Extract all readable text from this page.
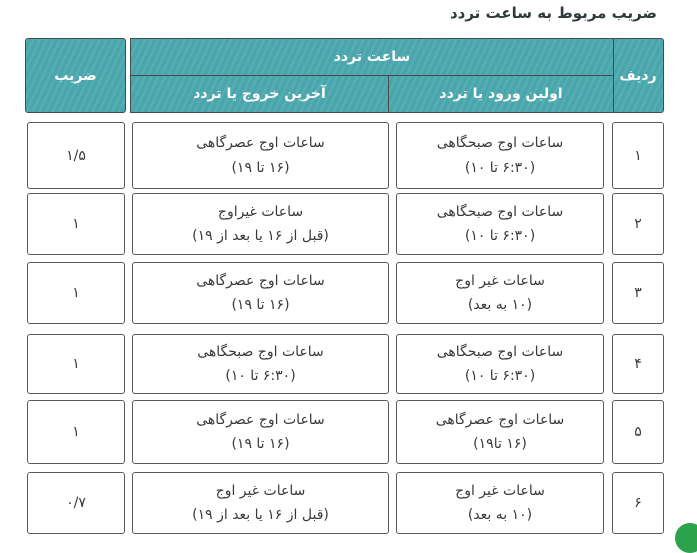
ضریب مربوط به ساعت تردد
ردیف
ساعت تردد
اولین ورود یا تردد
آخرین خروج یا تردد
ضریب
۱
ساعات اوج صبحگاهی
(۶:۳۰ تا ۱۰)
ساعات اوج عصرگاهی
(۱۶ تا ۱۹)
۱/۵
۲
ساعات اوج صبحگاهی
(۶:۳۰ تا ۱۰)
ساعات غیراوج
(قبل از ۱۶ یا بعد از ۱۹)
۱
۳
ساعات غیر اوج
(۱۰ به بعد)
ساعات اوج عصرگاهی
(۱۶ تا ۱۹)
۱
۴
ساعات اوج صبحگاهی
(۶:۳۰ تا ۱۰)
ساعات اوج صبحگاهی
(۶:۳۰ تا ۱۰)
۱
۵
ساعات اوج عصرگاهی
(۱۶ تا۱۹)
ساعات اوج عصرگاهی
(۱۶ تا ۱۹)
۱
۶
ساعات غیر اوج
(۱۰ به بعد)
ساعات غیر اوج
(قبل از ۱۶ یا بعد از ۱۹)
۰/۷
